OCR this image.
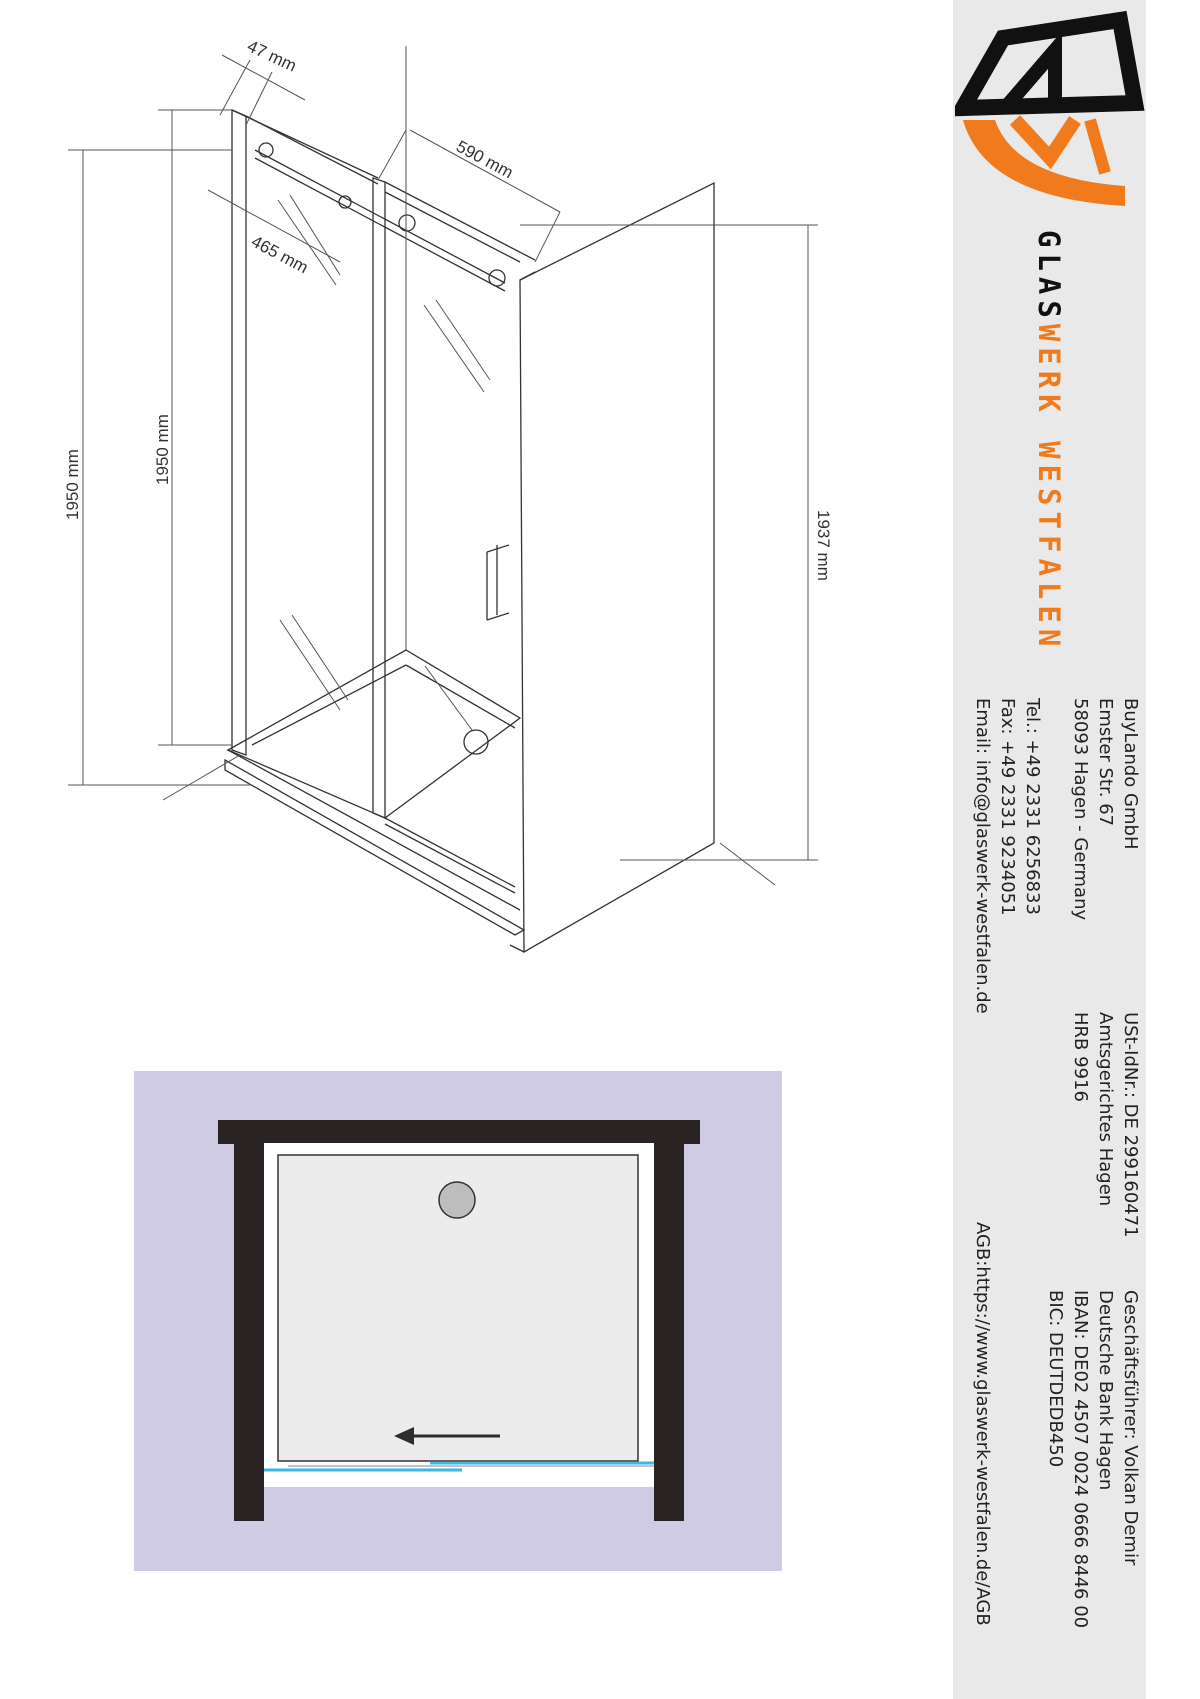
47 mm
590 mm
465 mm
1950 mm	1950 mm
1937 mm
GLASWERK WESTFALEN
BuyLando GmbH
Emster Str. 67
58093 Hagen - Germany
Tel.: +49 2331 6256833
Fax: +49 2331 9234051
Email: info@glaswerk-westfalen.de
USt-IdNr.: DE 299160471
Amtsgerichtes Hagen
HRB 9916
Geschäftsführer: Volkan Demir
Deutsche Bank Hagen
IBAN: DE02 4507 0024 0666 8446 00
BIC: DEUTDEDB450
AGB:https://www.glaswerk-westfalen.de/AGB
